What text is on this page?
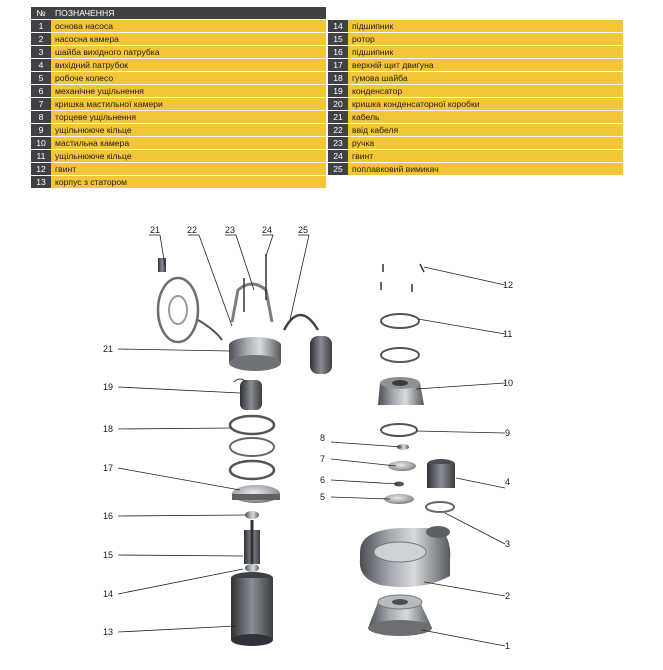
№	ПОЗНАЧЕННЯ
1	основа насоса	14	підшипник
2	насосна камера	15	ротор
3	шайба вихідного патрубка	16	підшипник
4	вихідний патрубок	17	верхній щит двигуна
5	робоче колесо	18	гумова шайба
6	механічне ущільнення	19	конденсатор
7	кришка мастильної камери	20	кришка конденсаторної коробки
8	торцеве ущільнення	21	кабель
9	ущільнююче кільце	22	ввід кабеля
10	мастильна камера	23	ручка
11	ущільнююче кільце	24	гвинт
12	гвинт	25	поплавковий вимикач
13	корпус з статором
21	22	23	24	25
21
19
18
17
16
15
14
13
12
11
10
9
8
7
6
5
4
3
2
1
